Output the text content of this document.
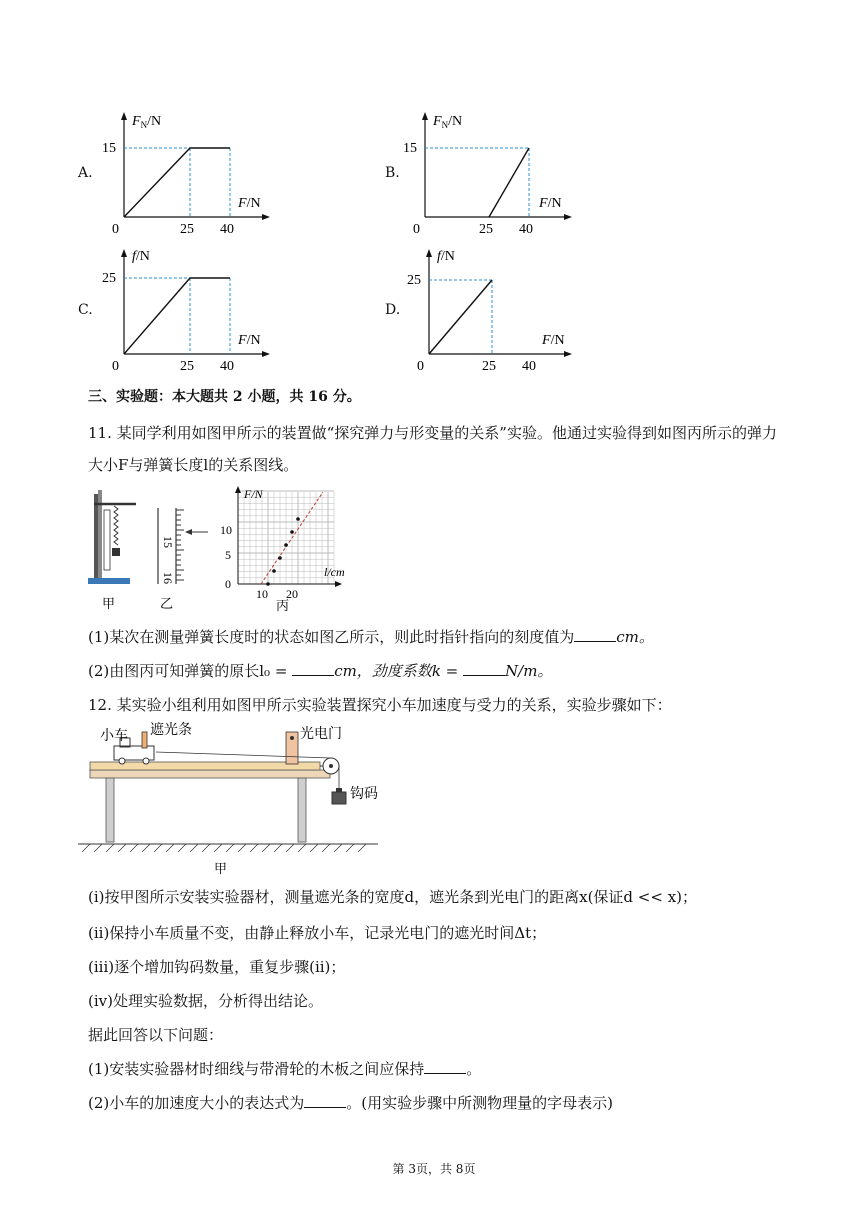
A.
$F_N/N$
15
0	25 40
F/N
B.
$F_N/N$
15
0	25 40
F/N
C.
f/N
25
0	25 40
F/N
D.
f/N
25
0	25 40
F/N
三、实验题：本大题共 2 小题，共 16 分。
11. 某同学利用如图甲所示的装置做“探究弹力与形变量的关系”实验。他通过实验得到如图丙所示的弹力
大小F与弹簧长度l的关系图线。
甲
15
16
乙
F/N
10
5
0
10 20
l/cm
丙
(1)某次在测量弹簧长度时的状态如图乙所示，则此时指针指向的刻度值为	cm。
(2)由图丙可知弹簧的原长l₀ =	cm，劲度系数k =	N/m。
12. 某实验小组利用如图甲所示实验装置探究小车加速度与受力的关系，实验步骤如下：
小车 遮光条	光电门
钩码
甲
(i)按甲图所示安装实验器材，测量遮光条的宽度d，遮光条到光电门的距离x(保证d << x)；
(ii)保持小车质量不变，由静止释放小车，记录光电门的遮光时间Δt；
(iii)逐个增加钩码数量，重复步骤(ii)；
(iv)处理实验数据，分析得出结论。
据此回答以下问题：
(1)安装实验器材时细线与带滑轮的木板之间应保持	。
(2)小车的加速度大小的表达式为	。(用实验步骤中所测物理量的字母表示)
第 3页，共 8页
